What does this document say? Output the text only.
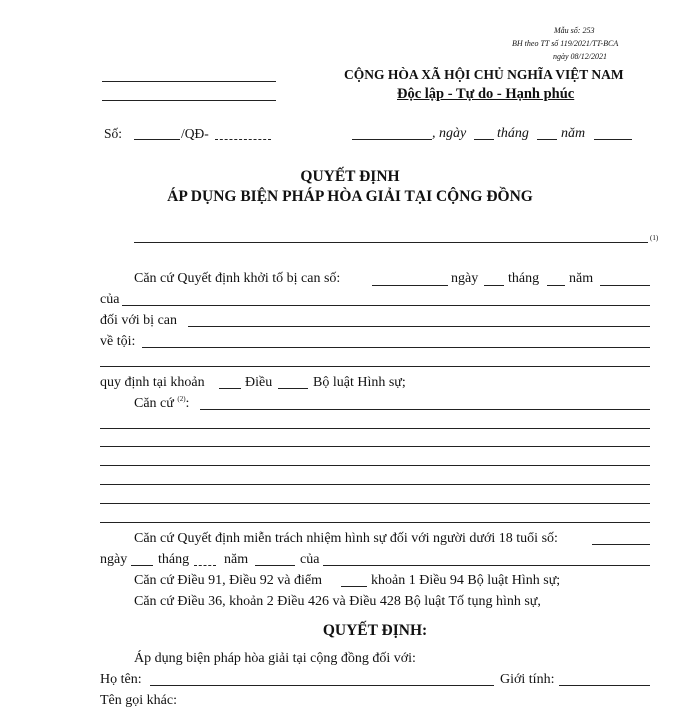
Mẫu số: 253
BH theo TT số 119/2021/TT-BCA
ngày 08/12/2021
CỘNG HÒA XÃ HỘI CHỦ NGHĨA VIỆT NAM
Độc lập - Tự do - Hạnh phúc
Số:	/QĐ-	, ngày tháng năm
QUYẾT ĐỊNH
ÁP DỤNG BIỆN PHÁP HÒA GIẢI TẠI CỘNG ĐỒNG
(1)
Căn cứ Quyết định khởi tố bị can số:	ngày tháng năm
của
đối với bị can
về tội:
quy định tại khoản	Điều	Bộ luật Hình sự;
Căn cứ $^{(2)}$:
Căn cứ Quyết định miễn trách nhiệm hình sự đối với người dưới 18 tuổi số:
ngày tháng năm	của
Căn cứ Điều 91, Điều 92 và điểm	khoản 1 Điều 94 Bộ luật Hình sự;
Căn cứ Điều 36, khoản 2 Điều 426 và Điều 428 Bộ luật Tố tụng hình sự,
QUYẾT ĐỊNH:
Áp dụng biện pháp hòa giải tại cộng đồng đối với:
Họ tên:	Giới tính:
Tên gọi khác:
